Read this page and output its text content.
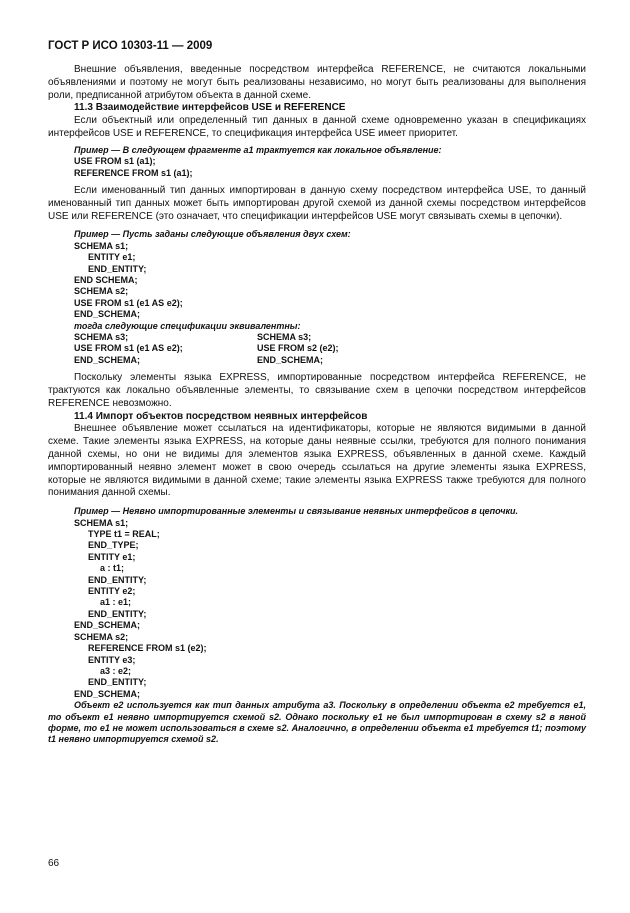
ГОСТ Р ИСО 10303-11 — 2009

Внешние объявления, введенные посредством интерфейса REFERENCE, не считаются локальными объявлениями и поэтому не могут быть реализованы независимо, но могут быть реализованы для выполнения роли, предписанной атрибутом объекта в данной схеме.

11.3 Взаимодействие интерфейсов USE и REFERENCE

Если объектный или определенный тип данных в данной схеме одновременно указан в спецификациях интерфейсов USE и REFERENCE, то спецификация интерфейса USE имеет приоритет.

Пример — В следующем фрагменте a1 трактуется как локальное объявление:

USE FROM s1 (a1);
REFERENCE FROM s1 (a1);

Если именованный тип данных импортирован в данную схему посредством интерфейса USE, то данный именованный тип данных может быть импортирован другой схемой из данной схемы посредством интерфейсов USE или REFERENCE (это означает, что спецификации интерфейсов USE могут связывать схемы в цепочки).

Пример — Пусть заданы следующие объявления двух схем:

SCHEMA s1;
ENTITY e1;
END_ENTITY;
END SCHEMA;
SCHEMA s2;
USE FROM s1 (e1 AS e2);
END_SCHEMA;
тогда следующие спецификации эквивалентны:
SCHEMA s3;	SCHEMA s3;
USE FROM s1 (e1 AS e2);	USE FROM s2 (e2);
END_SCHEMA;	END_SCHEMA;

Поскольку элементы языка EXPRESS, импортированные посредством интерфейса REFERENCE, не трактуются как локально объявленные элементы, то связывание схем в цепочки посредством интерфейсов REFERENCE невозможно.

11.4 Импорт объектов посредством неявных интерфейсов

Внешнее объявление может ссылаться на идентификаторы, которые не являются видимыми в данной схеме. Такие элементы языка EXPRESS, на которые даны неявные ссылки, требуются для полного понимания данной схемы, но они не видимы для элементов языка EXPRESS, объявленных в данной схеме. Каждый импортированный неявно элемент может в свою очередь ссылаться на другие элементы языка EXPRESS, которые не являются видимыми в данной схеме; такие элементы языка EXPRESS также требуются для полного понимания данной схемы.

Пример — Неявно импортированные элементы и связывание неявных интерфейсов в цепочки.

SCHEMA s1;
TYPE t1 = REAL;
END_TYPE;
ENTITY e1;
a : t1;
END_ENTITY;
ENTITY e2;
a1 : e1;
END_ENTITY;
END_SCHEMA;
SCHEMA s2;
REFERENCE FROM s1 (e2);
ENTITY e3;
a3 : e2;
END_ENTITY;
END_SCHEMA;

Объект e2 используется как тип данных атрибута a3. Поскольку в определении объекта e2 требуется e1, то объект e1 неявно импортируется схемой s2. Однако поскольку e1 не был импортирован в схему s2 в явной форме, то e1 не может использоваться в схеме s2. Аналогично, в определении объекта e1 требуется t1; поэтому t1 неявно импортируется схемой s2.

66
